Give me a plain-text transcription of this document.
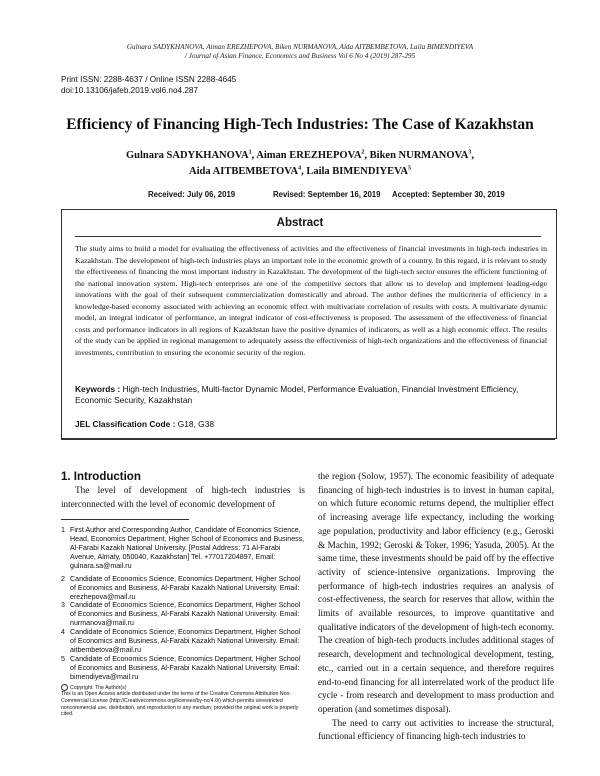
Gulnara SADYKHANOVA, Aiman EREZHEPOVA, Biken NURMANOVA, Aida AITBEMBETOVA, Laila BIMENDIYEVA
/ Journal of Asian Finance, Economics and Business Vol 6 No 4 (2019) 287-295
Print ISSN: 2288-4637 / Online ISSN 2288-4645
doi:10.13106/jafeb.2019.vol6.no4.287
Efficiency of Financing High-Tech Industries: The Case of Kazakhstan
Gulnara SADYKHANOVA$^1$, Aiman EREZHEPOVA$^2$, Biken NURMANOVA$^3$,
Aida AITBEMBETOVA$^4$, Laila BIMENDIYEVA$^5$
Received: July 06, 2019	Revised: September 16, 2019 Accepted: September 30, 2019
Abstract
The study aims to build a model for evaluating the effectiveness of activities and the effectiveness of financial investments in high-tech industries in Kazakhstan. The development of high-tech industries plays an important role in the economic growth of a country. In this regard, it is relevant to study the effectiveness of financing the most important industry in Kazakhstan. The development of the high-tech sector ensures the efficient functioning of the national innovation system. High-tech enterprises are one of the competitive sectors that allow us to develop and implement leading-edge innovations with the goal of their subsequent commercialization domestically and abroad. The author defines the multicriteria of efficiency in a knowledge-based economy associated with achieving an economic effect with multivariate correlation of results with costs. A multivariate dynamic model, an integral indicator of performance, an integral indicator of cost-effectiveness is proposed. The assessment of the effectiveness of financial costs and performance indicators in all regions of Kazakhstan have the positive dynamics of indicators, as well as a high economic effect. The results of the study can be applied in regional management to adequately assess the effectiveness of high-tech organizations and the effectiveness of financial investments, contribution to ensuring the economic security of the region.
Keywords : High-tech Industries, Multi-factor Dynamic Model, Performance Evaluation, Financial Investment Efficiency, Economic Security, Kazakhstan
JEL Classification Code : G18, G38
1. Introduction
The level of development of high-tech industries is interconnected with the level of economic development of
the region (Solow, 1957). The economic feasibility of adequate financing of high-tech industries is to invest in human capital, on which future economic returns depend, the multiplier effect of increasing average life expectancy, including the working age population, productivity and labor efficiency (e.g., Geroski & Machin, 1992; Geroski & Toker, 1996; Yasuda, 2005). At the same time, these investments should be paid off by the effective activity of science-intensive organizations. Improving the performance of high-tech industries requires an analysis of cost-effectiveness, the search for reserves that allow, within the limits of available resources, to improve quantitative and qualitative indicators of the development of high-tech economy. The creation of high-tech products includes additional stages of research, development and technological development, testing, etc., carried out in a certain sequence, and therefore requires end-to-end financing for all interrelated work of the product life cycle - from research and development to mass production and operation (and sometimes disposal).
The need to carry out activities to increase the structural, functional efficiency of financing high-tech industries to
1 First Author and Corresponding Author, Candidate of Economics Science, Head, Economics Department, Higher School of Economics and Business, Al-Farabi Kazakh National University. [Postal Address: 71 Al-Farabi Avenue, Almaty, 050040, Kazakhstan] Tel. +77017204897, Email: gulnara.sa@mail.ru
2 Candidate of Economics Science, Economics Department, Higher School of Economics and Business, Al-Farabi Kazakh National University. Email: erezhepova@mail.ru
3 Candidate of Economics Science, Economics Department, Higher School of Economics and Business, Al-Farabi Kazakh National University. Email: nurmanova@mail.ru
4 Candidate of Economics Science, Economics Department, Higher School of Economics and Business, Al-Farabi Kazakh National University. Email: aitbembetova@mail.ru
5 Candidate of Economics Science, Economics Department, Higher School of Economics and Business, Al-Farabi Kazakh National University. Email: bimendiyeva@mail.ru
Copyright: The Author(s)
This is an Open Access article distributed under the terms of the Creative Commons Attribution Non-Commercial License (http://Creativecommons.org/licenses/by-nc/4.0/) which permits unrestricted noncommercial use, distribution, and reproduction in any medium, provided the original work is properly cited.
